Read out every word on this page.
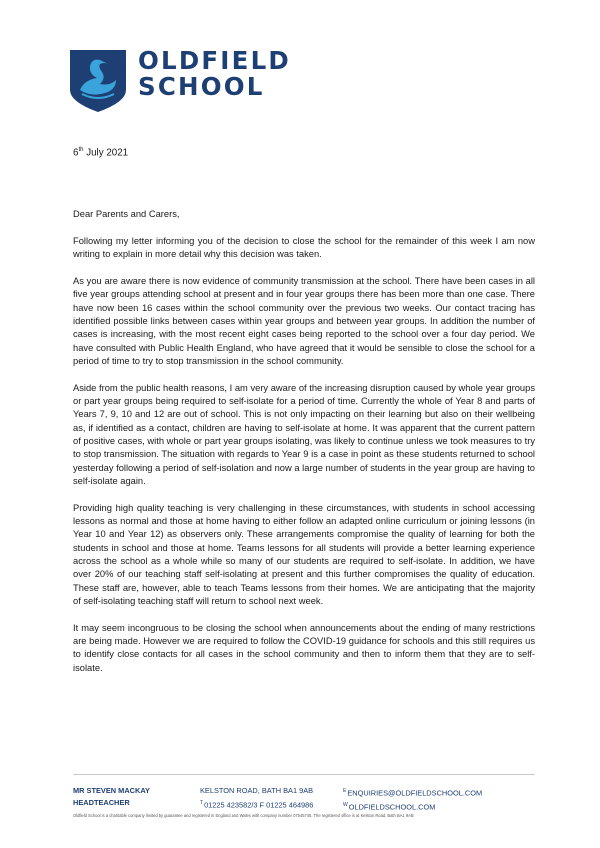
OLDFIELD
SCHOOL
6th July 2021

Dear Parents and Carers,

Following my letter informing you of the decision to close the school for the remainder of this week I am now writing to explain in more detail why this decision was taken.

As you are aware there is now evidence of community transmission at the school. There have been cases in all five year groups attending school at present and in four year groups there has been more than one case. There have now been 16 cases within the school community over the previous two weeks. Our contact tracing has identified possible links between cases within year groups and between year groups. In addition the number of cases is increasing, with the most recent eight cases being reported to the school over a four day period. We have consulted with Public Health England, who have agreed that it would be sensible to close the school for a period of time to try to stop transmission in the school community.

Aside from the public health reasons, I am very aware of the increasing disruption caused by whole year groups or part year groups being required to self-isolate for a period of time. Currently the whole of Year 8 and parts of Years 7, 9, 10 and 12 are out of school. This is not only impacting on their learning but also on their wellbeing as, if identified as a contact, children are having to self-isolate at home. It was apparent that the current pattern of positive cases, with whole or part year groups isolating, was likely to continue unless we took measures to try to stop transmission. The situation with regards to Year 9 is a case in point as these students returned to school yesterday following a period of self-isolation and now a large number of students in the year group are having to self-isolate again.

Providing high quality teaching is very challenging in these circumstances, with students in school accessing lessons as normal and those at home having to either follow an adapted online curriculum or joining lessons (in Year 10 and Year 12) as observers only. These arrangements compromise the quality of learning for both the students in school and those at home. Teams lessons for all students will provide a better learning experience across the school as a whole while so many of our students are required to self-isolate. In addition, we have over 20% of our teaching staff self-isolating at present and this further compromises the quality of education. These staff are, however, able to teach Teams lessons from their homes. We are anticipating that the majority of self-isolating teaching staff will return to school next week.

It may seem incongruous to be closing the school when announcements about the ending of many restrictions are being made. However we are required to follow the COVID-19 guidance for schools and this still requires us to identify close contacts for all cases in the school community and then to inform them that they are to self-isolate.

MR STEVEN MACKAY
HEADTEACHER
KELSTON ROAD, BATH BA1 9AB
$^T$01225 423582/3 F 01225 464986
$^E$ENQUIRIES@OLDFIELDSCHOOL.COM
$^W$OLDFIELDSCHOOL.COM
Oldfield School is a charitable company limited by guarantee and registered in England and Wales with company number 07545745. The registered office is at Kelston Road, Bath BA1 9AB
